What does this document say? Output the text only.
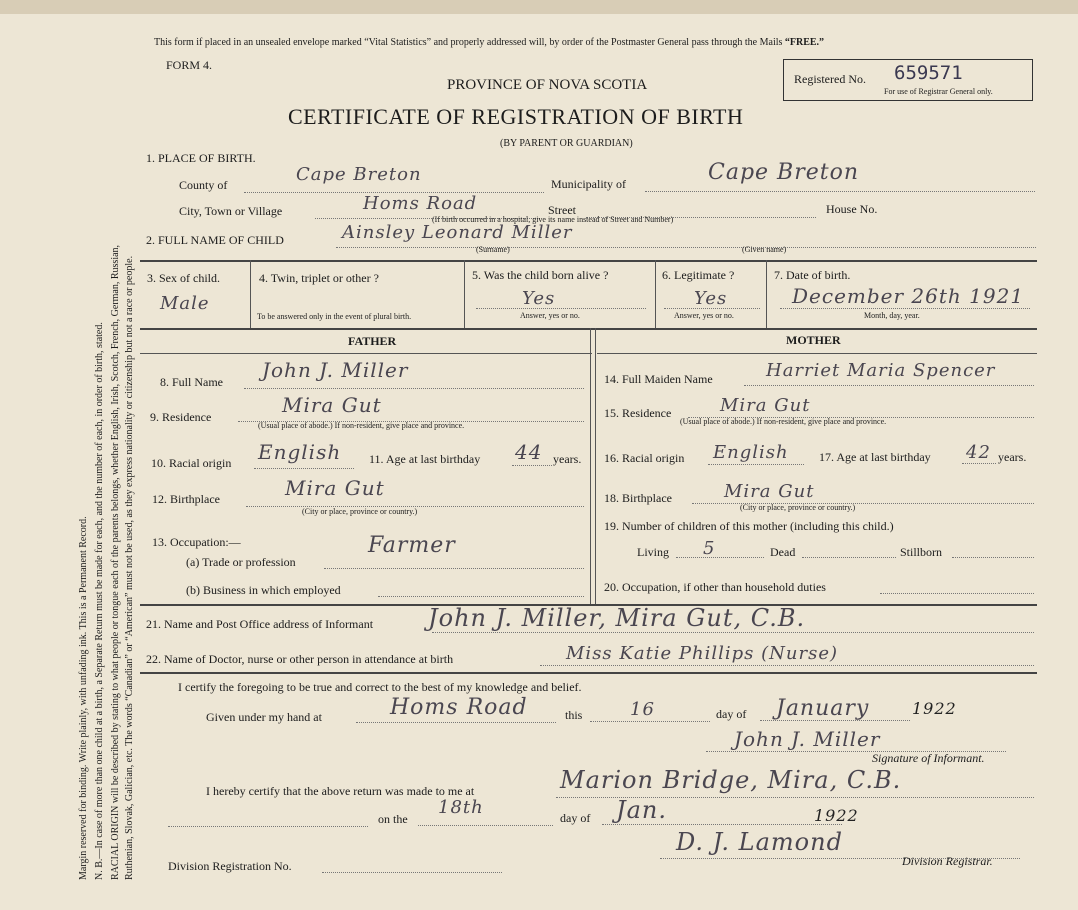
Margin reserved for binding. Write plainly, with unfading ink. This is a Permanent Record. N. B.—In case of more than one child at a birth, a Separate Return must be made for each, and the number of each, in order of birth, stated. RACIAL ORIGIN will be described by stating to what people or tongue each of the parents belongs, whether English, Irish, Scotch, French, German, Russian, Ruthenian, Slovak, Galician, etc. The words “Canadian” or “American” must not be used, as they express nationality or citizenship but not a race or people.
This form if placed in an unsealed envelope marked “Vital Statistics” and properly addressed will, by order of the Postmaster General pass through the Mails “FREE.”
FORM 4.
PROVINCE OF NOVA SCOTIA
CERTIFICATE OF REGISTRATION OF BIRTH
(BY PARENT OR GUARDIAN)
Registered No. 659571
For use of Registrar General only.
1. PLACE OF BIRTH.
County of	Cape Breton	Municipality of	Cape Breton
City, Town or Village	Homs Road	Street	House No.
(If birth occurred in a hospital, give its name instead of Street and Number)
2. FULL NAME OF CHILD	Ainsley Leonard Miller
(Surname)	(Given name)
3. Sex of child.
Male
4. Twin, triplet or other ?
To be answered only in the event of plural birth.
5. Was the child born alive ?
Yes
Answer, yes or no.
6. Legitimate ?
Yes
Answer, yes or no.
7. Date of birth.
December 26th 1921
Month, day, year.
FATHER	MOTHER
8. Full Name John J. Miller
9. Residence	Mira Gut
(Usual place of abode.) If non-resident, give place and province.
10. Racial origin English 11. Age at last birthday 44 years.
12. Birthplace	Mira Gut
(City or place, province or country.)
13. Occupation:—
(a) Trade or profession
Farmer
(b) Business in which employed
14. Full Maiden Name	Harriet Maria Spencer
15. Residence	Mira Gut
(Usual place of abode.) If non-resident, give place and province.
16. Racial origin English	17. Age at last birthday 42 years.
18. Birthplace	Mira Gut
(City or place, province or country.)
19. Number of children of this mother (including this child.)
Living 5	Dead	Stillborn
20. Occupation, if other than household duties
21. Name and Post Office address of Informant John J. Miller, Mira Gut, C.B.
22. Name of Doctor, nurse or other person in attendance at birth	Miss Katie Phillips (Nurse)
I certify the foregoing to be true and correct to the best of my knowledge and belief.
Given under my hand at	Homs Road	this	16	day of January	1922
John J. Miller
Signature of Informant.
I hereby certify that the above return was made to me at	Marion Bridge, Mira, C.B.
on the
18th	day of Jan.	1922
D. J. Lamond
Division Registrar.
Division Registration No.
